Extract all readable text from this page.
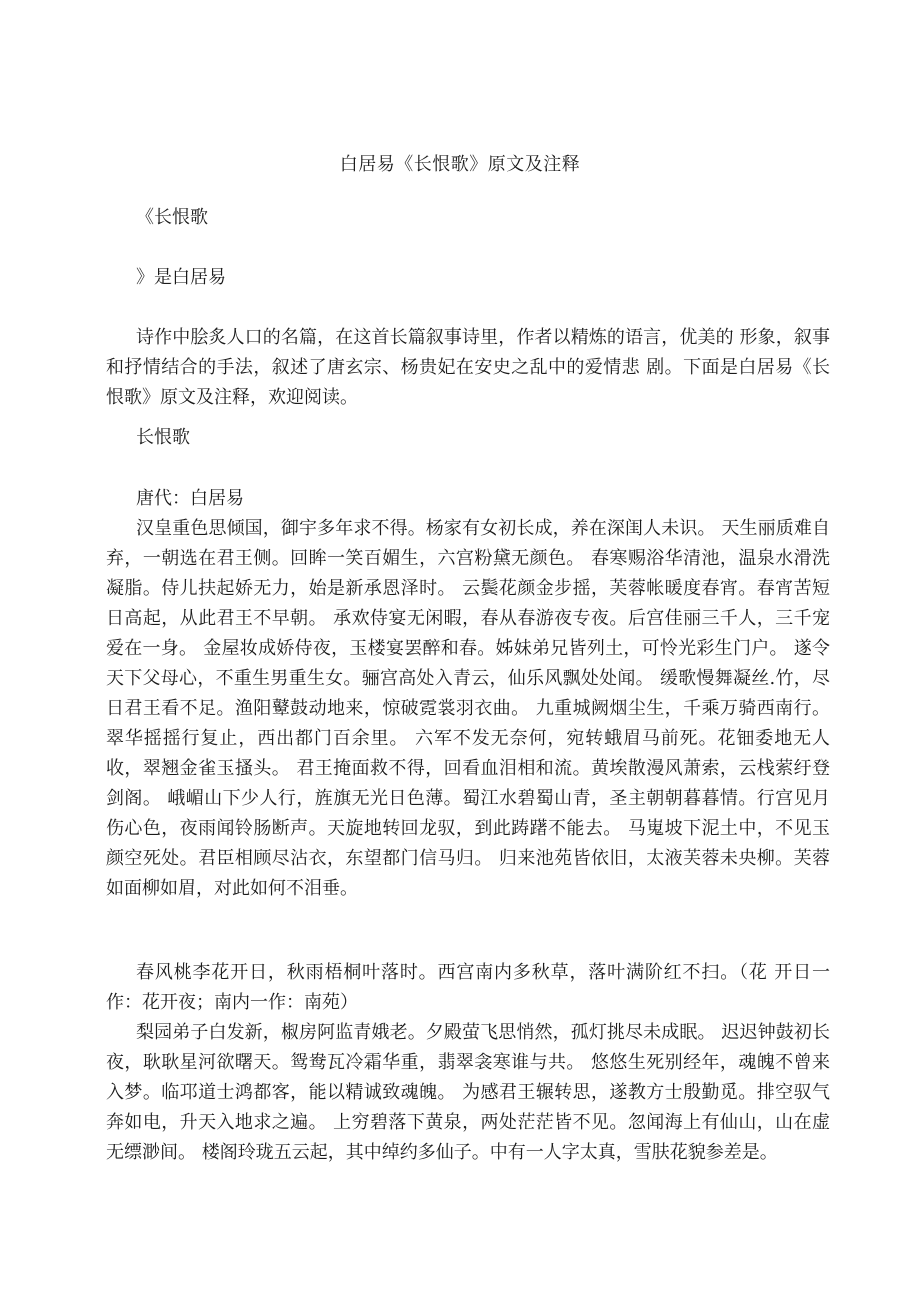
白居易《长恨歌》原文及注释
《长恨歌
》是白居易
诗作中脍炙人口的名篇，在这首长篇叙事诗里，作者以精炼的语言，优美的 形象，叙事和抒情结合的手法，叙述了唐玄宗、杨贵妃在安史之乱中的爱情悲 剧。下面是白居易《长恨歌》原文及注释，欢迎阅读。
长恨歌
唐代：白居易
汉皇重色思倾国，御宇多年求不得。杨家有女初长成，养在深闺人未识。 天生丽质难自弃，一朝选在君王侧。回眸一笑百媚生，六宫粉黛无颜色。 春寒赐浴华清池，温泉水滑洗凝脂。侍儿扶起娇无力，始是新承恩泽时。 云鬓花颜金步摇，芙蓉帐暖度春宵。春宵苦短日高起，从此君王不早朝。 承欢侍宴无闲暇，春从春游夜专夜。后宫佳丽三千人，三千宠爱在一身。 金屋妆成娇侍夜，玉楼宴罢醉和春。姊妹弟兄皆列土，可怜光彩生门户。 遂令天下父母心，不重生男重生女。骊宫高处入青云，仙乐风飘处处闻。 缓歌慢舞凝丝.竹，尽日君王看不足。渔阳鼙鼓动地来，惊破霓裳羽衣曲。 九重城阙烟尘生，千乘万骑西南行。翠华摇摇行复止，西出都门百余里。 六军不发无奈何，宛转蛾眉马前死。花钿委地无人收，翠翘金雀玉搔头。 君王掩面救不得，回看血泪相和流。黄埃散漫风萧索，云栈萦纡登剑阁。 峨嵋山下少人行，旌旗无光日色薄。蜀江水碧蜀山青，圣主朝朝暮暮情。行宫见月伤心色，夜雨闻铃肠断声。天旋地转回龙驭，到此踌躇不能去。 马嵬坡下泥土中，不见玉颜空死处。君臣相顾尽沾衣，东望都门信马归。 归来池苑皆依旧，太液芙蓉未央柳。芙蓉如面柳如眉，对此如何不泪垂。
春风桃李花开日，秋雨梧桐叶落时。西宫南内多秋草，落叶满阶红不扫。（花 开日一作：花开夜；南内一作：南苑）
梨园弟子白发新，椒房阿监青娥老。夕殿萤飞思悄然，孤灯挑尽未成眠。 迟迟钟鼓初长夜，耿耿星河欲曙天。鸳鸯瓦冷霜华重，翡翠衾寒谁与共。 悠悠生死别经年，魂魄不曾来入梦。临邛道士鸿都客，能以精诚致魂魄。 为感君王辗转思，遂教方士殷勤觅。排空驭气奔如电，升天入地求之遍。 上穷碧落下黄泉，两处茫茫皆不见。忽闻海上有仙山，山在虚无缥渺间。 楼阁玲珑五云起，其中绰约多仙子。中有一人字太真，雪肤花貌参差是。
